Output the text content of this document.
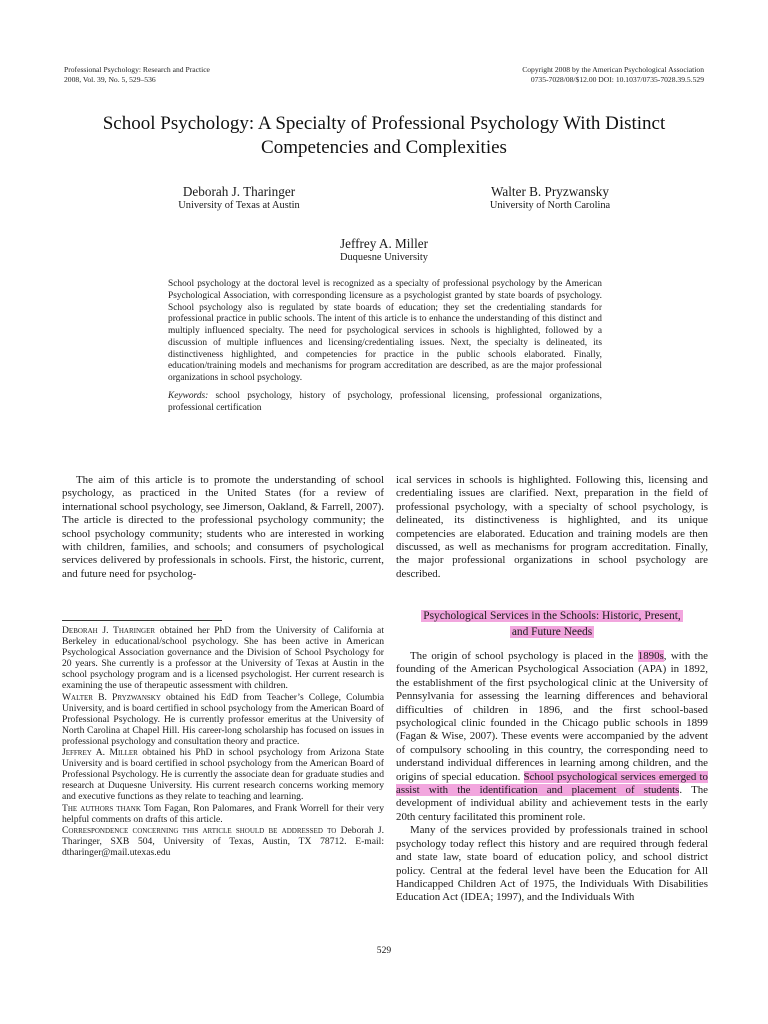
Professional Psychology: Research and Practice
2008, Vol. 39, No. 5, 529–536
Copyright 2008 by the American Psychological Association
0735-7028/08/$12.00 DOI: 10.1037/0735-7028.39.5.529
School Psychology: A Specialty of Professional Psychology With Distinct
Competencies and Complexities
Deborah J. Tharinger
University of Texas at Austin
Walter B. Pryzwansky
University of North Carolina
Jeffrey A. Miller
Duquesne University

School psychology at the doctoral level is recognized as a specialty of professional psychology by the American Psychological Association, with corresponding licensure as a psychologist granted by state boards of psychology. School psychology also is regulated by state boards of education; they set the credentialing standards for professional practice in public schools. The intent of this article is to enhance the understanding of this distinct and multiply influenced specialty. The need for psychological services in schools is highlighted, followed by a discussion of multiple influences and licensing/credentialing issues. Next, the specialty is delineated, its distinctiveness highlighted, and competencies for practice in the public schools elaborated. Finally, education/training models and mechanisms for program accreditation are described, as are the major professional organizations in school psychology.

Keywords: school psychology, history of psychology, professional licensing, professional organizations, professional certification

The aim of this article is to promote the understanding of school psychology, as practiced in the United States (for a review of international school psychology, see Jimerson, Oakland, & Farrell, 2007). The article is directed to the professional psychology community; the school psychology community; students who are interested in working with children, families, and schools; and consumers of psychological services delivered by professionals in schools. First, the historic, current, and future need for psycholog-

ical services in schools is highlighted. Following this, licensing and credentialing issues are clarified. Next, preparation in the field of professional psychology, with a specialty of school psychology, is delineated, its distinctiveness is highlighted, and its unique competencies are elaborated. Education and training models are then discussed, as well as mechanisms for program accreditation. Finally, the major professional organizations in school psychology are described.

Deborah J. Tharinger obtained her PhD from the University of California at Berkeley in educational/school psychology. She has been active in American Psychological Association governance and the Division of School Psychology for 20 years. She currently is a professor at the University of Texas at Austin in the school psychology program and is a licensed psychologist. Her current research is examining the use of therapeutic assessment with children.

Walter B. Pryzwansky obtained his EdD from Teacher’s College, Columbia University, and is board certified in school psychology from the American Board of Professional Psychology. He is currently professor emeritus at the University of North Carolina at Chapel Hill. His career-long scholarship has focused on issues in professional psychology and consultation theory and practice.

Jeffrey A. Miller obtained his PhD in school psychology from Arizona State University and is board certified in school psychology from the American Board of Professional Psychology. He is currently the associate dean for graduate studies and research at Duquesne University. His current research concerns working memory and executive functions as they relate to teaching and learning.

The authors thank Tom Fagan, Ron Palomares, and Frank Worrell for their very helpful comments on drafts of this article.

Correspondence concerning this article should be addressed to Deborah J. Tharinger, SXB 504, University of Texas, Austin, TX 78712. E-mail: dtharinger@mail.utexas.edu

Psychological Services in the Schools: Historic, Present,
and Future Needs

The origin of school psychology is placed in the 1890s, with the founding of the American Psychological Association (APA) in 1892, the establishment of the first psychological clinic at the University of Pennsylvania for assessing the learning differences and behavioral difficulties of children in 1896, and the first school-based psychological clinic founded in the Chicago public schools in 1899 (Fagan & Wise, 2007). These events were accompanied by the advent of compulsory schooling in this country, the corresponding need to understand individual differences in learning among children, and the origins of special education. School psychological services emerged to assist with the identification and placement of students. The development of individual ability and achievement tests in the early 20th century facilitated this prominent role.

Many of the services provided by professionals trained in school psychology today reflect this history and are required through federal and state law, state board of education policy, and school district policy. Central at the federal level have been the Education for All Handicapped Children Act of 1975, the Individuals With Disabilities Education Act (IDEA; 1997), and the Individuals With

529
